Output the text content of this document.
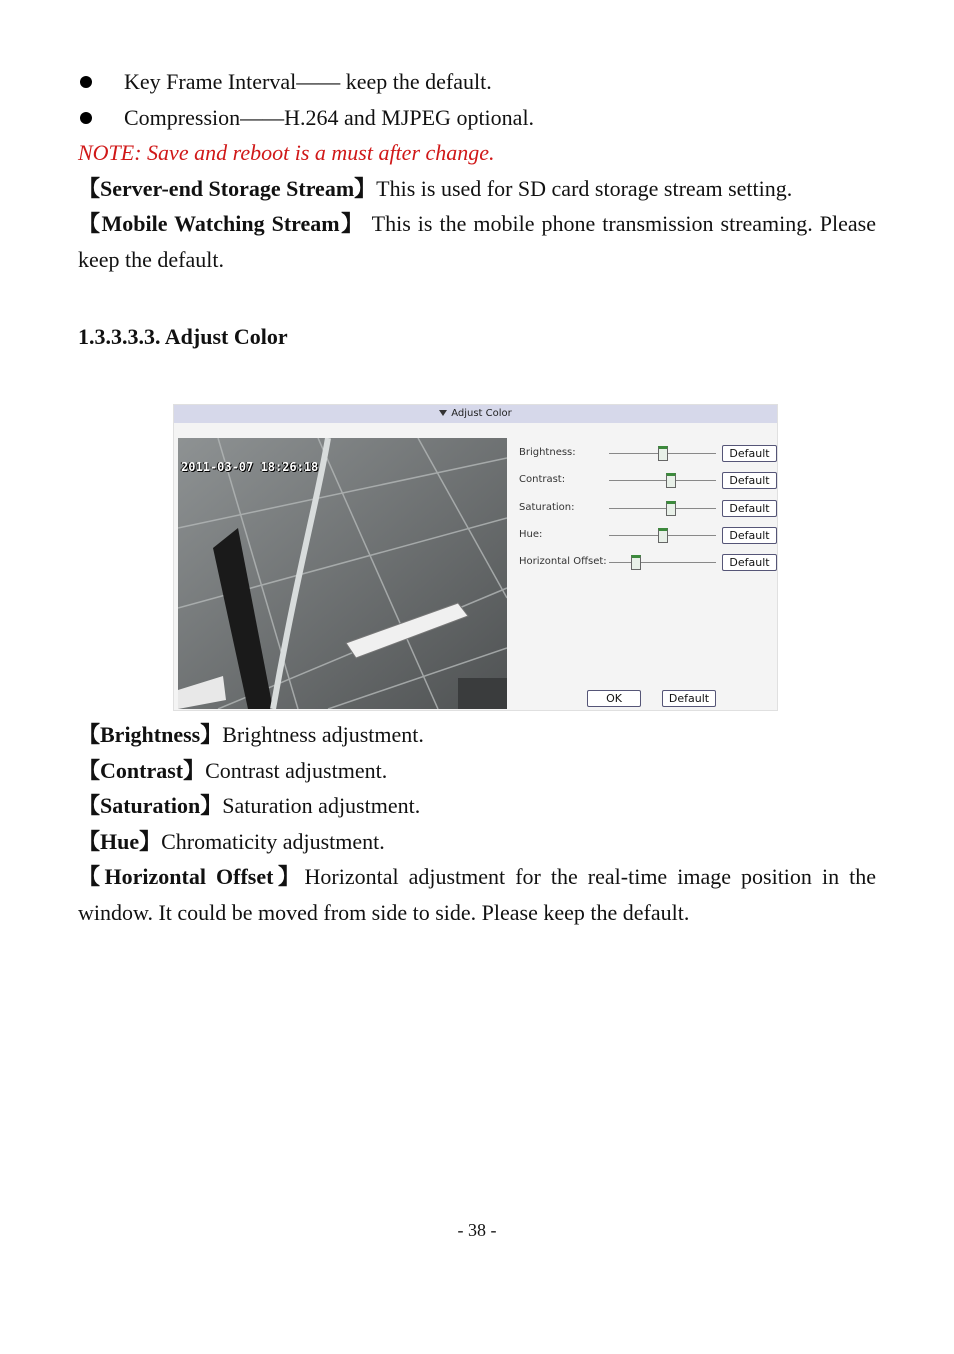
Key Frame Interval—— keep the default.
Compression——H.264 and MJPEG optional.
NOTE: Save and reboot is a must after change.
【Server-end Storage Stream】This is used for SD card storage stream setting.
【Mobile Watching Stream】 This is the mobile phone transmission streaming. Please keep the default.
1.3.3.3.3. Adjust Color
Adjust Color
2011-03-07 18:26:18
Brightness:	Default
Contrast:	Default
Saturation:	Default
Hue:	Default
Horizontal Offset:	Default
OK	Default
【Brightness】Brightness adjustment.
【Contrast】Contrast adjustment.
【Saturation】Saturation adjustment.
【Hue】Chromaticity adjustment.
【Horizontal Offset】Horizontal adjustment for the real-time image position in the window. It could be moved from side to side. Please keep the default.
- 38 -
